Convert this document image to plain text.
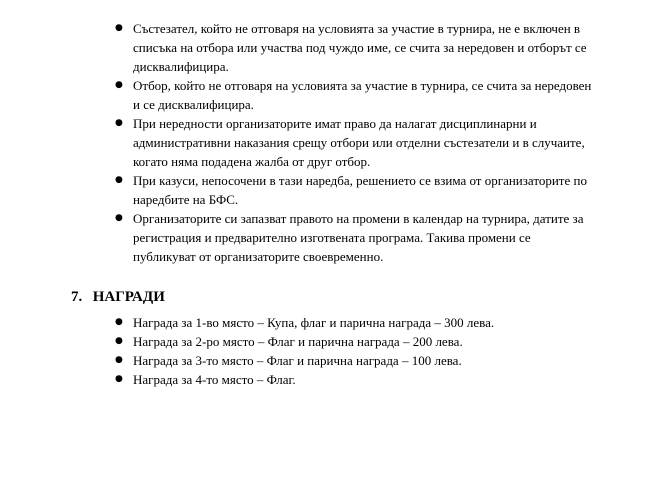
● Състезател, който не отговаря на условията за участие в турнира, не е включен в списъка на отбора или участва под чуждо име, се счита за нередовен и отборът се дисквалифицира.
● Отбор, който не отговаря на условията за участие в турнира, се счита за нередовен и се дисквалифицира.
● При нередности организаторите имат право да налагат дисциплинарни и административни наказания срещу отбори или отделни състезатели и в случаите, когато няма подадена жалба от друг отбор.
● При казуси, непосочени в тази наредба, решението се взима от организаторите по наредбите на БФС.
● Организаторите си запазват правото на промени в календар на турнира, датите за регистрация и предварително изготвената програма. Такива промени се публикуват от организаторите своевременно.
7. НАГРАДИ
● Награда за 1-во място – Купа, флаг и парична награда – 300 лева.
● Награда за 2-ро място – Флаг и парична награда – 200 лева.
● Награда за 3-то място – Флаг и парична награда – 100 лева.
● Награда за 4-то място – Флаг.
